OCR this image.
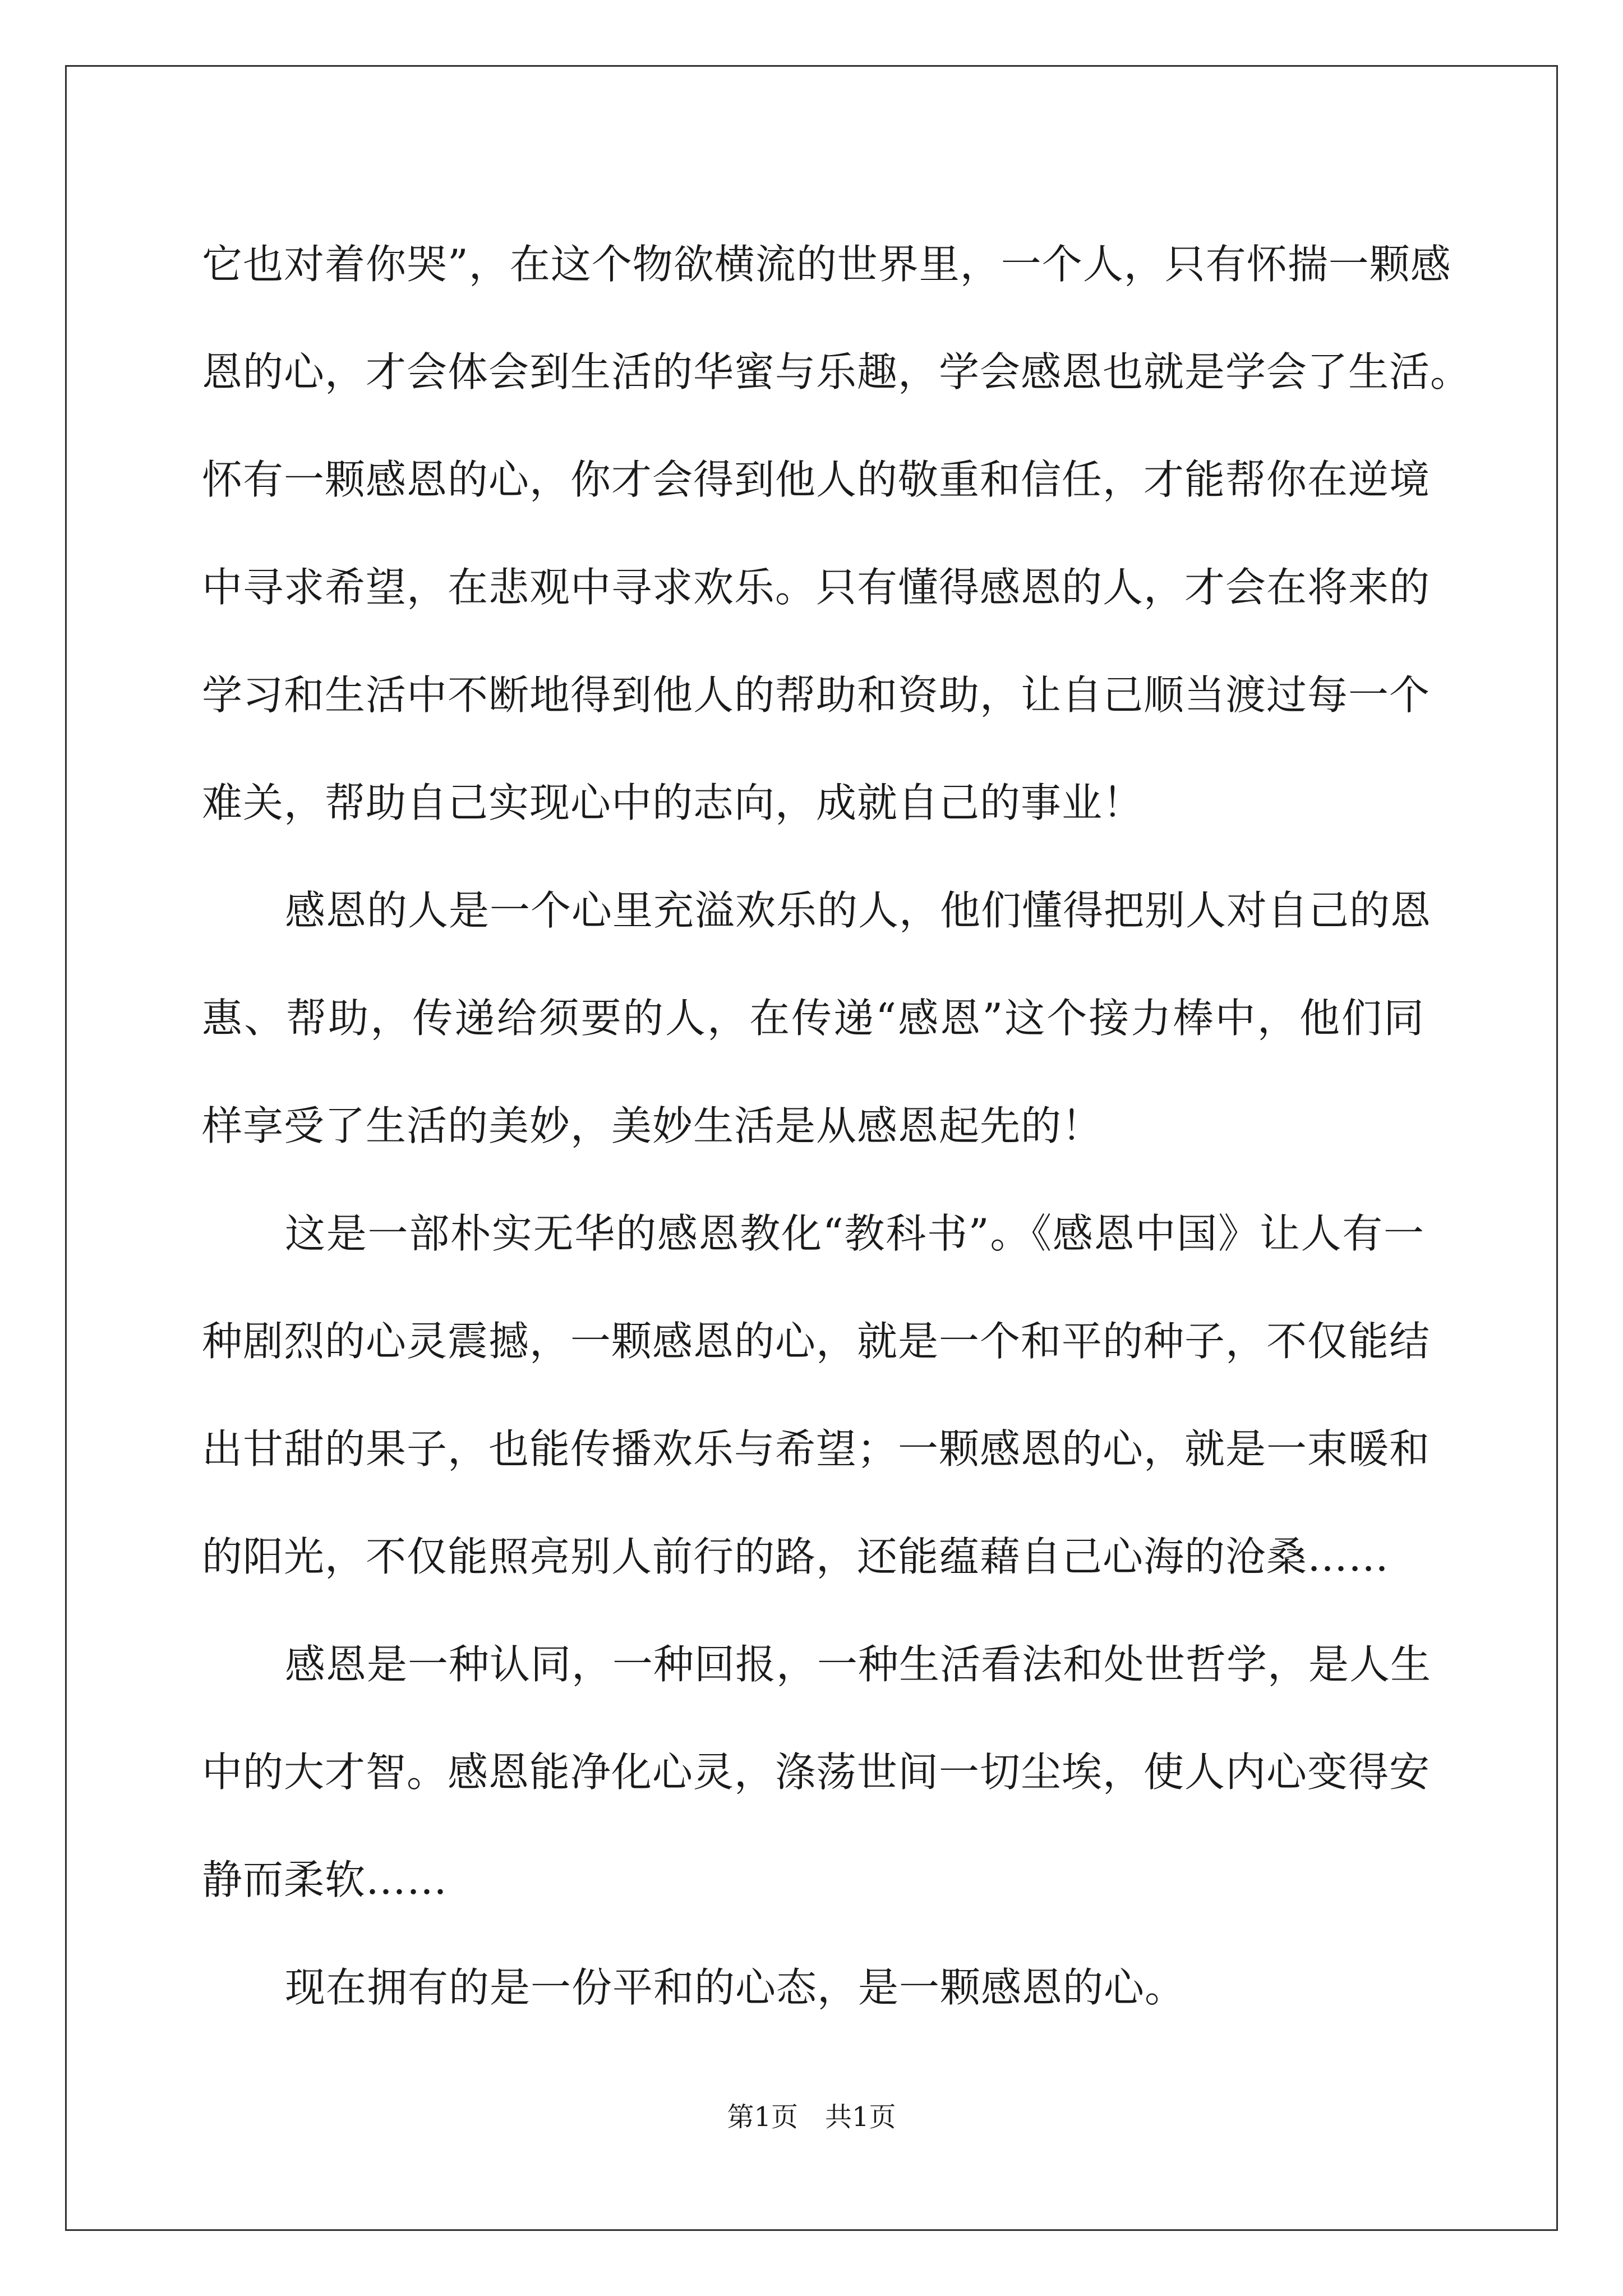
它也对着你哭”，在这个物欲横流的世界里，一个人，只有怀揣一颗感
恩的心，才会体会到生活的华蜜与乐趣，学会感恩也就是学会了生活。
怀有一颗感恩的心，你才会得到他人的敬重和信任，才能帮你在逆境
中寻求希望，在悲观中寻求欢乐。只有懂得感恩的人，才会在将来的
学习和生活中不断地得到他人的帮助和资助，让自己顺当渡过每一个
难关，帮助自己实现心中的志向，成就自己的事业！
感恩的人是一个心里充溢欢乐的人，他们懂得把别人对自己的恩
惠、帮助，传递给须要的人，在传递“感恩”这个接力棒中，他们同
样享受了生活的美妙，美妙生活是从感恩起先的！
这是一部朴实无华的感恩教化“教科书”。《感恩中国》让人有一
种剧烈的心灵震撼，一颗感恩的心，就是一个和平的种子，不仅能结
出甘甜的果子，也能传播欢乐与希望；一颗感恩的心，就是一束暖和
的阳光，不仅能照亮别人前行的路，还能蕴藉自己心海的沧桑……
感恩是一种认同，一种回报，一种生活看法和处世哲学，是人生
中的大才智。感恩能净化心灵，涤荡世间一切尘埃，使人内心变得安
静而柔软……
现在拥有的是一份平和的心态，是一颗感恩的心。
第1页　共1页
